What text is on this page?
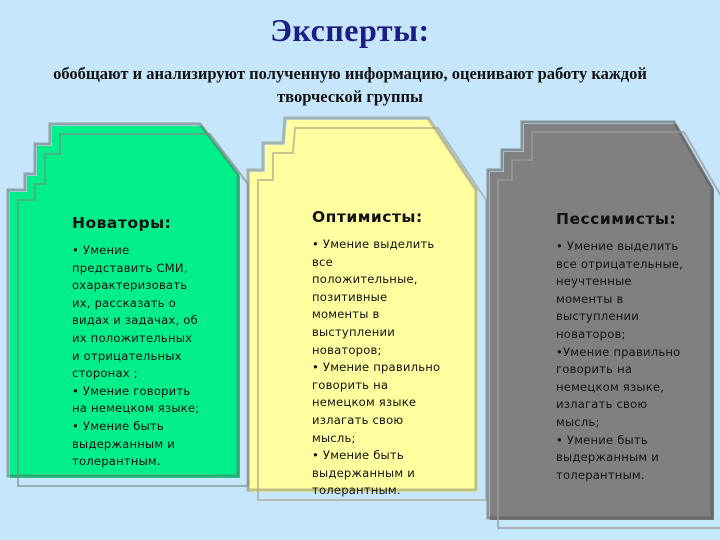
Эксперты:
обобщают и анализируют полученную информацию, оценивают работу каждой творческой группы
Новаторы:
• Умение
представить СМИ,
охарактеризовать
их, рассказать о
видах и задачах, об
их положительных
и отрицательных
сторонах ;
• Умение говорить
на немецком языке;
• Умение быть
выдержанным и
толерантным.
Оптимисты:
• Умение выделить
все
положительные,
позитивные
моменты в
выступлении
новаторов;
• Умение правильно
говорить на
немецком языке
излагать свою
мысль;
• Умение быть
выдержанным и
толерантным.
Пессимисты:
• Умение выделить
все отрицательные,
неучтенные
моменты в
выступлении
новаторов;
•Умение правильно
говорить на
немецком языке,
излагать свою
мысль;
• Умение быть
выдержанным и
толерантным.
